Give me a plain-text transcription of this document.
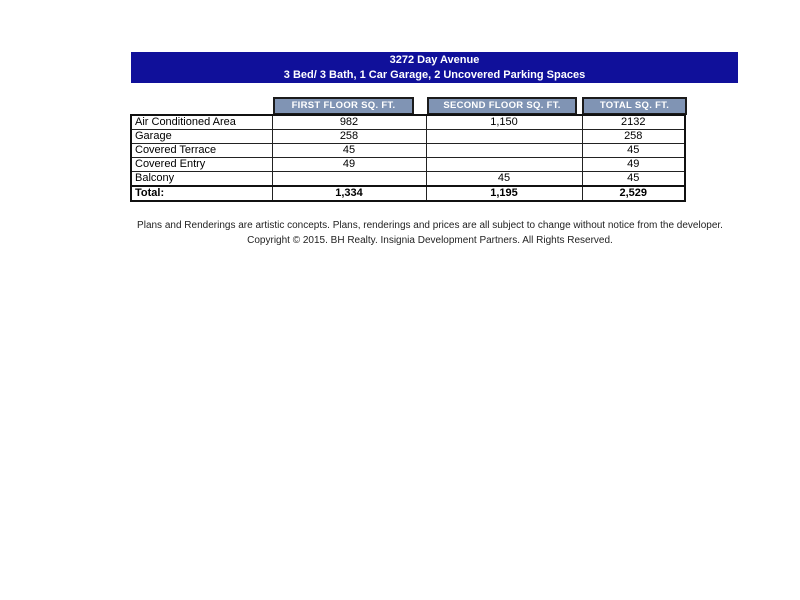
3272 Day Avenue
3 Bed/ 3 Bath, 1 Car Garage, 2 Uncovered Parking Spaces
FIRST FLOOR SQ. FT.	SECOND FLOOR SQ. FT.	TOTAL SQ. FT.
Air Conditioned Area	982	1,150	2132
Garage	258		258
Covered Terrace	45		45
Covered Entry	49		49
Balcony		45	45
Total:	1,334	1,195	2,529
Plans and Renderings are artistic concepts. Plans, renderings and prices are all subject to change without notice from the developer.
Copyright © 2015. BH Realty. Insignia Development Partners. All Rights Reserved.
